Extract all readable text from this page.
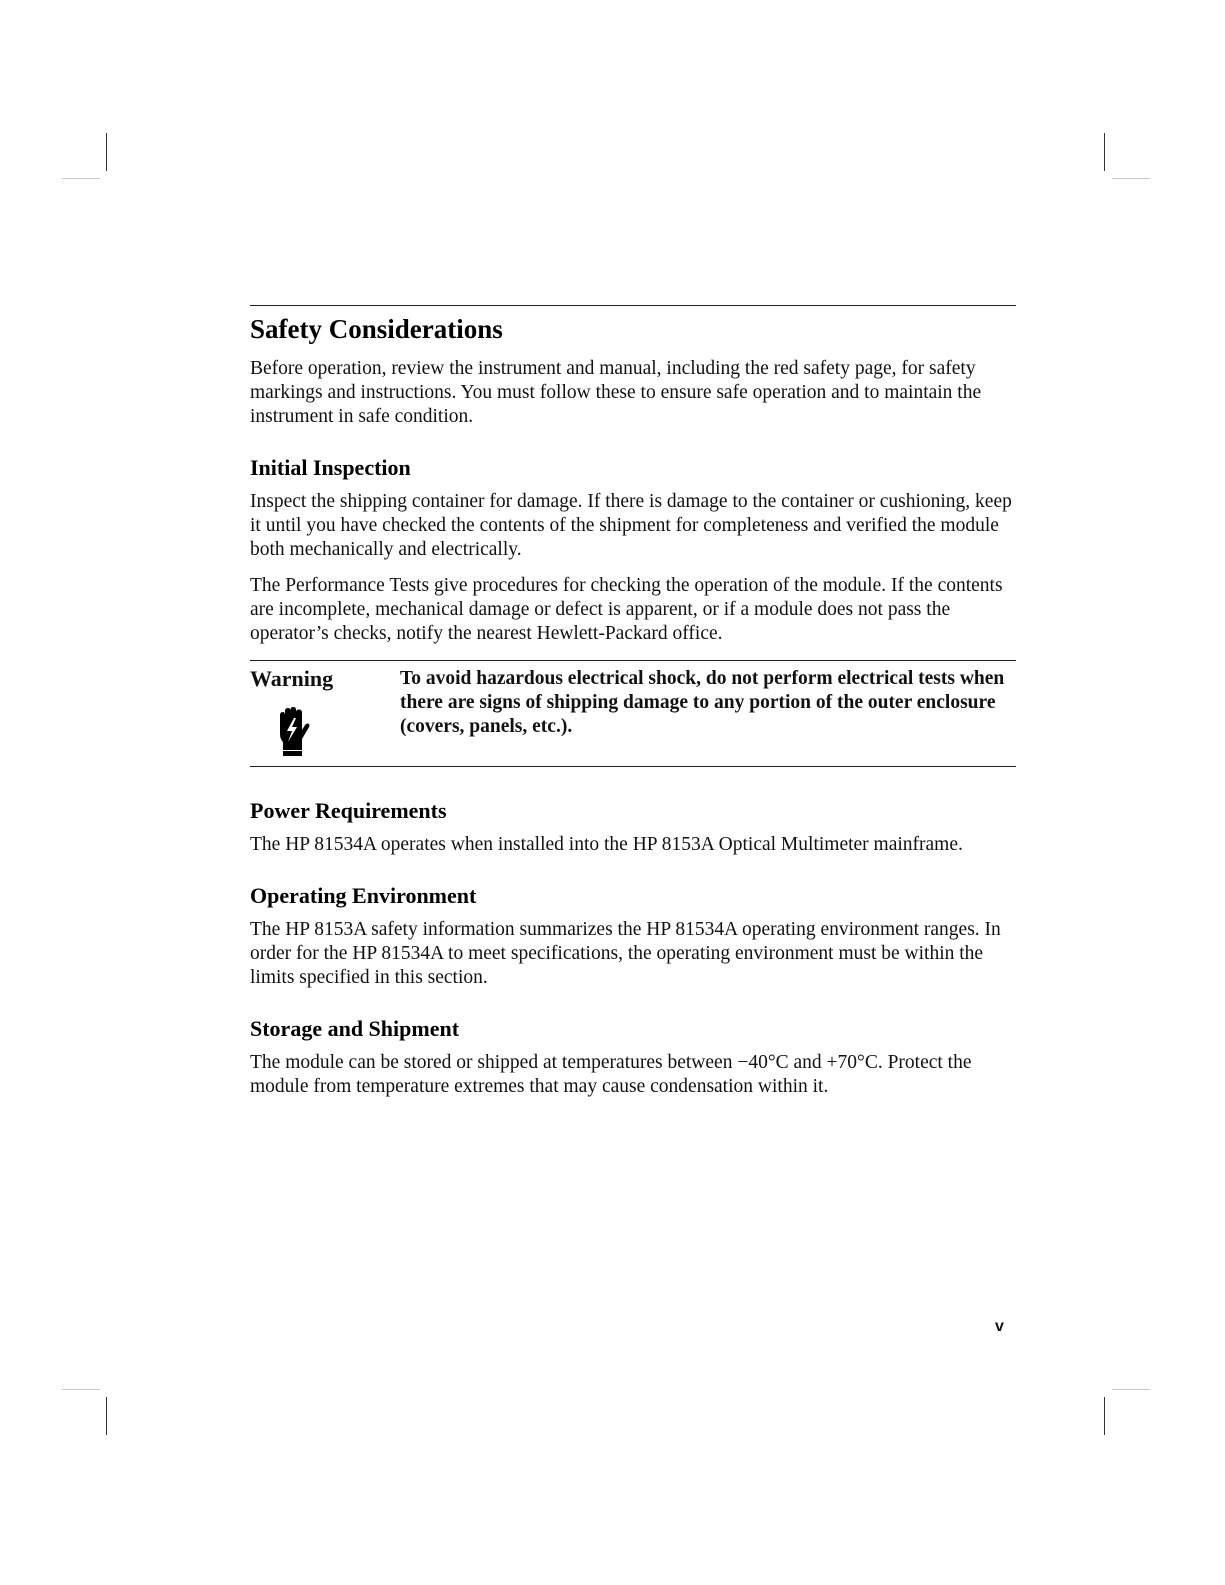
Safety Considerations

Before operation, review the instrument and manual, including the red safety page, for safety markings and instructions. You must follow these to ensure safe operation and to maintain the instrument in safe condition.

Initial Inspection

Inspect the shipping container for damage. If there is damage to the container or cushioning, keep it until you have checked the contents of the shipment for completeness and verified the module both mechanically and electrically.

The Performance Tests give procedures for checking the operation of the module. If the contents are incomplete, mechanical damage or defect is apparent, or if a module does not pass the operator’s checks, notify the nearest Hewlett-Packard office.

Warning	To avoid hazardous electrical shock, do not perform electrical tests when there are signs of shipping damage to any portion of the outer enclosure (covers, panels, etc.).
Power Requirements

The HP 81534A operates when installed into the HP 8153A Optical Multimeter mainframe.

Operating Environment

The HP 8153A safety information summarizes the HP 81534A operating environment ranges. In order for the HP 81534A to meet specifications, the operating environment must be within the limits specified in this section.

Storage and Shipment

The module can be stored or shipped at temperatures between −40°C and +70°C. Protect the module from temperature extremes that may cause condensation within it.

v
